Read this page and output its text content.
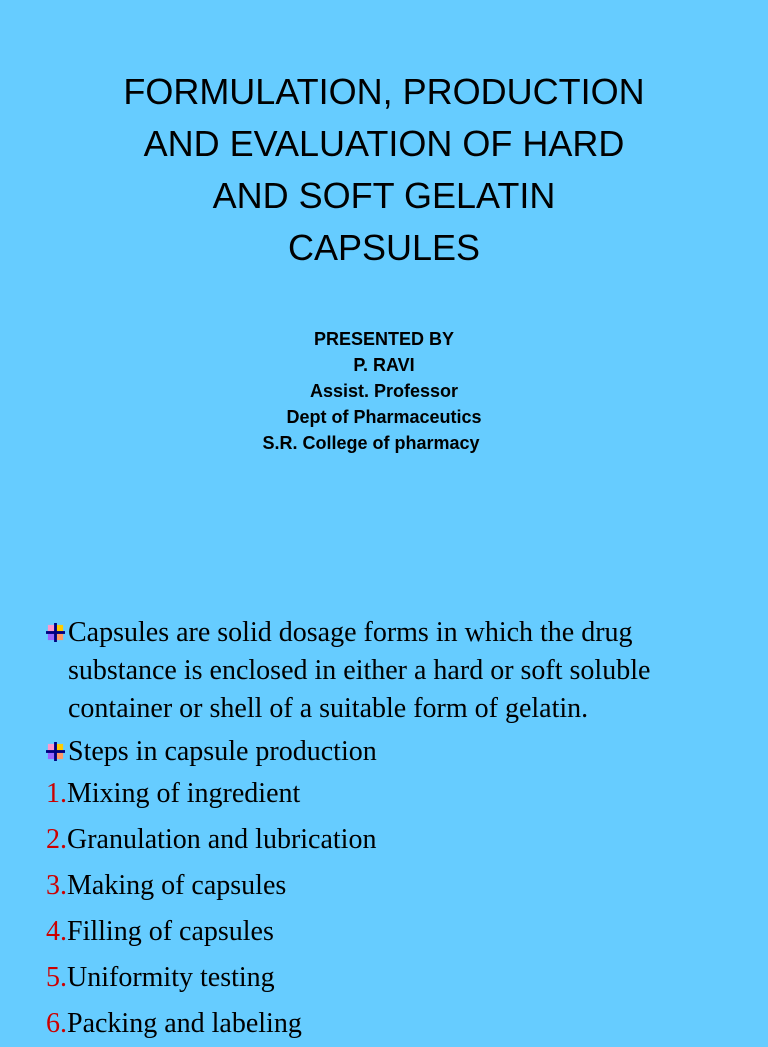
FORMULATION, PRODUCTION
AND EVALUATION OF HARD
AND SOFT GELATIN
CAPSULES
PRESENTED BY
P. RAVI
Assist. Professor
Dept of Pharmaceutics
S.R. College of pharmacy
Capsules are solid dosage forms in which the drug substance is enclosed in either a hard or soft soluble container or shell of a suitable form of gelatin.
Steps in capsule production
1.Mixing of ingredient
2.Granulation and lubrication
3.Making of capsules
4.Filling of capsules
5.Uniformity testing
6.Packing and labeling
